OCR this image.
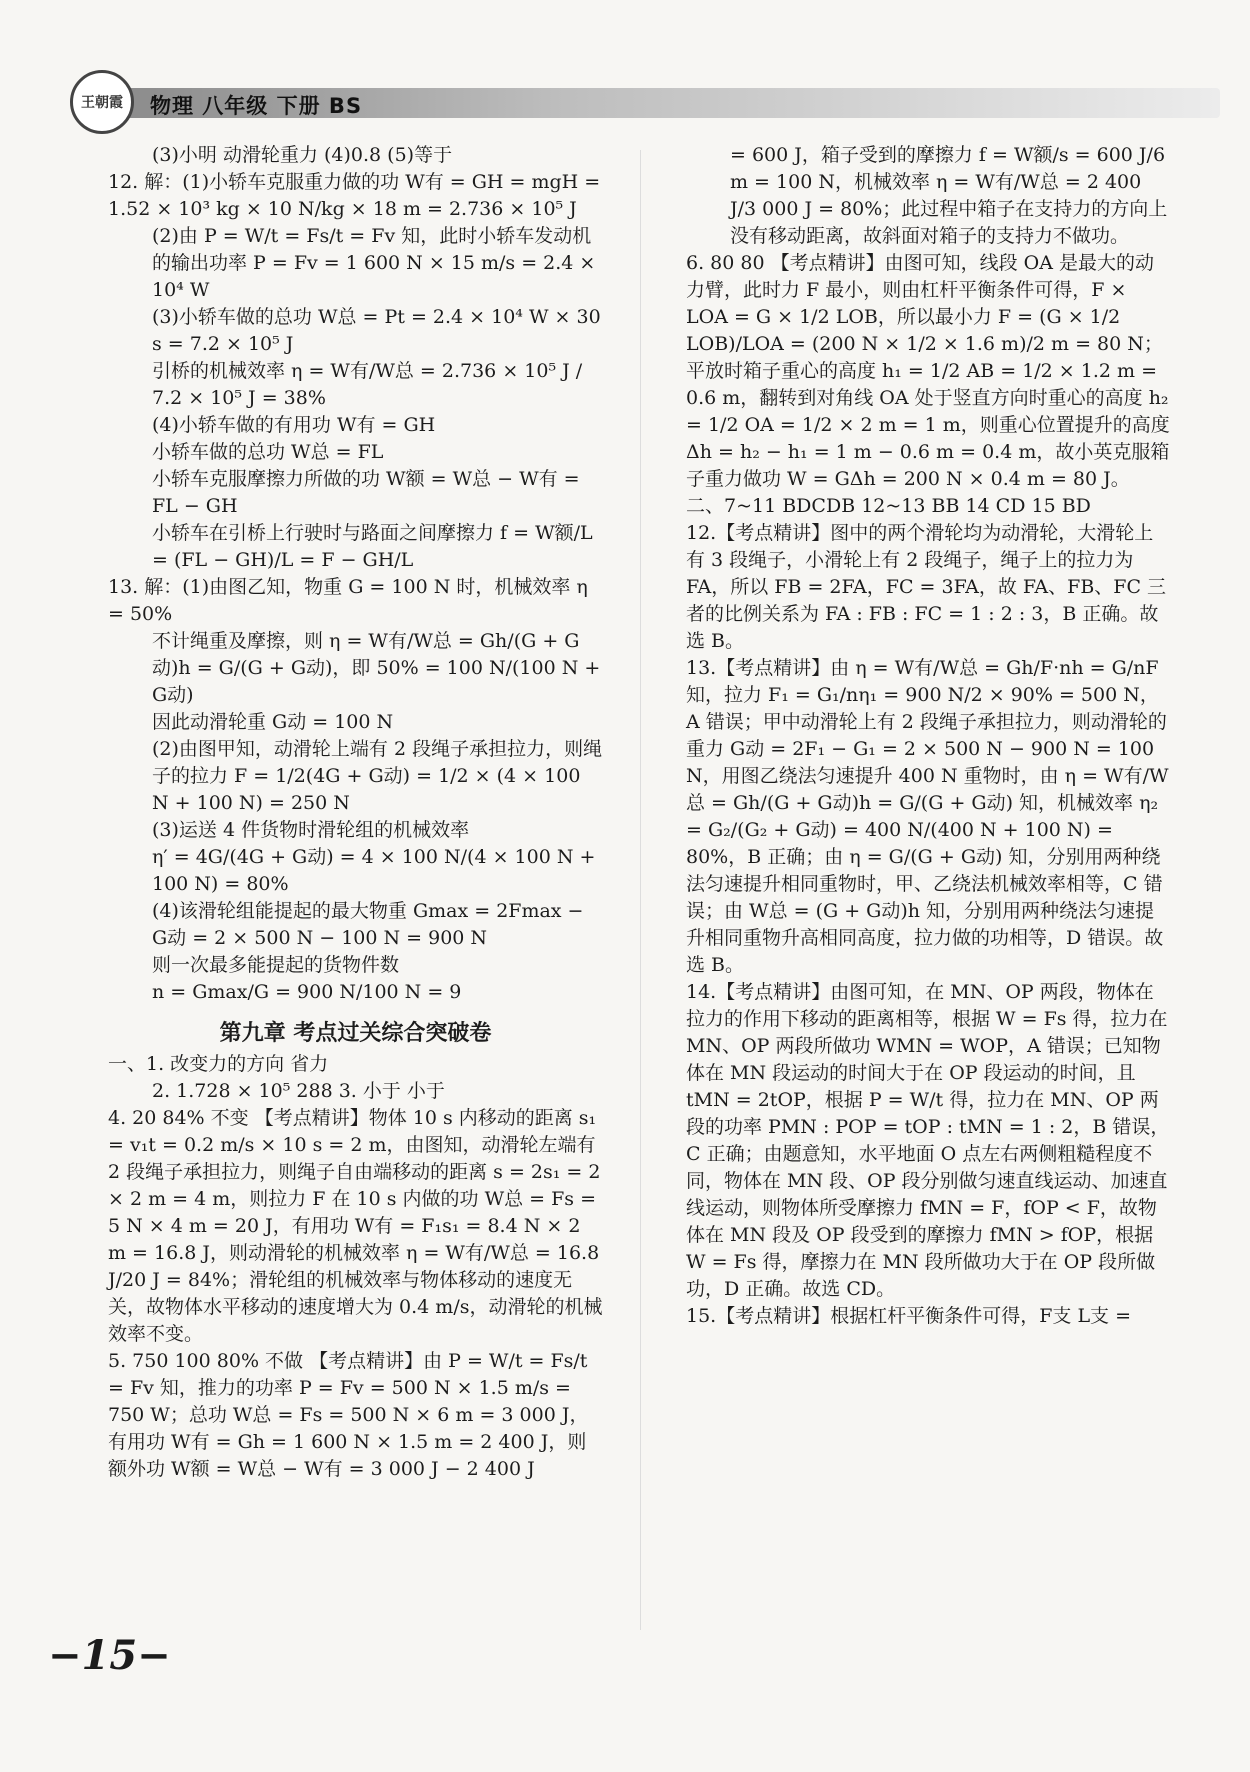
王朝霞 物理 八年级 下册 BS

(3)小明 动滑轮重力 (4)0.8 (5)等于

12. 解：(1)小轿车克服重力做的功 W有 = GH = mgH = 1.52 × 10³ kg × 10 N/kg × 18 m = 2.736 × 10⁵ J

(2)由 P = W/t = Fs/t = Fv 知，此时小轿车发动机的输出功率 P = Fv = 1 600 N × 15 m/s = 2.4 × 10⁴ W

(3)小轿车做的总功 W总 = Pt = 2.4 × 10⁴ W × 30 s = 7.2 × 10⁵ J

引桥的机械效率 η = W有/W总 = 2.736 × 10⁵ J / 7.2 × 10⁵ J = 38%

(4)小轿车做的有用功 W有 = GH

小轿车做的总功 W总 = FL

小轿车克服摩擦力所做的功 W额 = W总 − W有 = FL − GH

小轿车在引桥上行驶时与路面之间摩擦力 f = W额/L = (FL − GH)/L = F − GH/L

13. 解：(1)由图乙知，物重 G = 100 N 时，机械效率 η = 50%

不计绳重及摩擦，则 η = W有/W总 = Gh/(G + G动)h = G/(G + G动)，即 50% = 100 N/(100 N + G动)

因此动滑轮重 G动 = 100 N

(2)由图甲知，动滑轮上端有 2 段绳子承担拉力，则绳子的拉力 F = 1/2(4G + G动) = 1/2 × (4 × 100 N + 100 N) = 250 N

(3)运送 4 件货物时滑轮组的机械效率

η′ = 4G/(4G + G动) = 4 × 100 N/(4 × 100 N + 100 N) = 80%

(4)该滑轮组能提起的最大物重 Gmax = 2Fmax − G动 = 2 × 500 N − 100 N = 900 N

则一次最多能提起的货物件数

n = Gmax/G = 900 N/100 N = 9

第九章 考点过关综合突破卷

一、1. 改变力的方向 省力

2. 1.728 × 10⁵ 288 3. 小于 小于

4. 20 84% 不变 【考点精讲】物体 10 s 内移动的距离 s₁ = v₁t = 0.2 m/s × 10 s = 2 m，由图知，动滑轮左端有 2 段绳子承担拉力，则绳子自由端移动的距离 s = 2s₁ = 2 × 2 m = 4 m，则拉力 F 在 10 s 内做的功 W总 = Fs = 5 N × 4 m = 20 J，有用功 W有 = F₁s₁ = 8.4 N × 2 m = 16.8 J，则动滑轮的机械效率 η = W有/W总 = 16.8 J/20 J = 84%；滑轮组的机械效率与物体移动的速度无关，故物体水平移动的速度增大为 0.4 m/s，动滑轮的机械效率不变。

5. 750 100 80% 不做 【考点精讲】由 P = W/t = Fs/t = Fv 知，推力的功率 P = Fv = 500 N × 1.5 m/s = 750 W；总功 W总 = Fs = 500 N × 6 m = 3 000 J，有用功 W有 = Gh = 1 600 N × 1.5 m = 2 400 J，则额外功 W额 = W总 − W有 = 3 000 J − 2 400 J

= 600 J，箱子受到的摩擦力 f = W额/s = 600 J/6 m = 100 N，机械效率 η = W有/W总 = 2 400 J/3 000 J = 80%；此过程中箱子在支持力的方向上没有移动距离，故斜面对箱子的支持力不做功。

6. 80 80 【考点精讲】由图可知，线段 OA 是最大的动力臂，此时力 F 最小，则由杠杆平衡条件可得，F × LOA = G × 1/2 LOB，所以最小力 F = (G × 1/2 LOB)/LOA = (200 N × 1/2 × 1.6 m)/2 m = 80 N；平放时箱子重心的高度 h₁ = 1/2 AB = 1/2 × 1.2 m = 0.6 m，翻转到对角线 OA 处于竖直方向时重心的高度 h₂ = 1/2 OA = 1/2 × 2 m = 1 m，则重心位置提升的高度 Δh = h₂ − h₁ = 1 m − 0.6 m = 0.4 m，故小英克服箱子重力做功 W = GΔh = 200 N × 0.4 m = 80 J。

二、7~11 BDCDB 12~13 BB 14 CD 15 BD

12.【考点精讲】图中的两个滑轮均为动滑轮，大滑轮上有 3 段绳子，小滑轮上有 2 段绳子，绳子上的拉力为 FA，所以 FB = 2FA，FC = 3FA，故 FA、FB、FC 三者的比例关系为 FA : FB : FC = 1 : 2 : 3，B 正确。故选 B。

13.【考点精讲】由 η = W有/W总 = Gh/F·nh = G/nF 知，拉力 F₁ = G₁/nη₁ = 900 N/2 × 90% = 500 N，A 错误；甲中动滑轮上有 2 段绳子承担拉力，则动滑轮的重力 G动 = 2F₁ − G₁ = 2 × 500 N − 900 N = 100 N，用图乙绕法匀速提升 400 N 重物时，由 η = W有/W总 = Gh/(G + G动)h = G/(G + G动) 知，机械效率 η₂ = G₂/(G₂ + G动) = 400 N/(400 N + 100 N) = 80%，B 正确；由 η = G/(G + G动) 知，分别用两种绕法匀速提升相同重物时，甲、乙绕法机械效率相等，C 错误；由 W总 = (G + G动)h 知，分别用两种绕法匀速提升相同重物升高相同高度，拉力做的功相等，D 错误。故选 B。

14.【考点精讲】由图可知，在 MN、OP 两段，物体在拉力的作用下移动的距离相等，根据 W = Fs 得，拉力在 MN、OP 两段所做功 WMN = WOP，A 错误；已知物体在 MN 段运动的时间大于在 OP 段运动的时间，且 tMN = 2tOP，根据 P = W/t 得，拉力在 MN、OP 两段的功率 PMN : POP = tOP : tMN = 1 : 2，B 错误，C 正确；由题意知，水平地面 O 点左右两侧粗糙程度不同，物体在 MN 段、OP 段分别做匀速直线运动、加速直线运动，则物体所受摩擦力 fMN = F，fOP < F，故物体在 MN 段及 OP 段受到的摩擦力 fMN > fOP，根据 W = Fs 得，摩擦力在 MN 段所做功大于在 OP 段所做功，D 正确。故选 CD。

15.【考点精讲】根据杠杆平衡条件可得，F支 L支 =

−15−
